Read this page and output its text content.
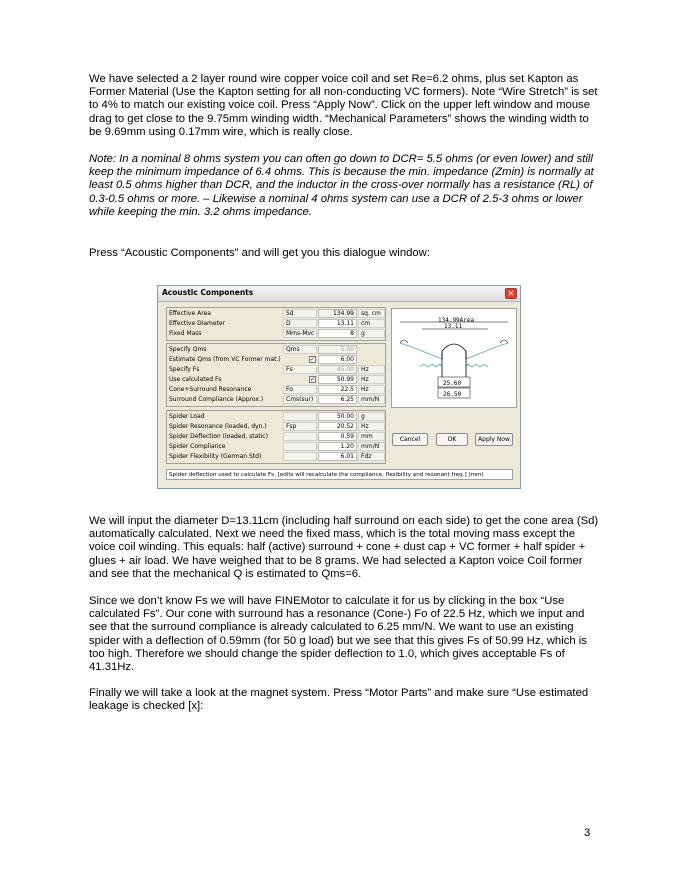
We have selected a 2 layer round wire copper voice coil and set Re=6.2 ohms, plus set Kapton as Former Material (Use the Kapton setting for all non-conducting VC formers). Note “Wire Stretch” is set to 4% to match our existing voice coil. Press “Apply Now”. Click on the upper left window and mouse drag to get close to the 9.75mm winding width. “Mechanical Parameters” shows the winding width to be 9.69mm using 0.17mm wire, which is really close.
Note: In a nominal 8 ohms system you can often go down to DCR= 5.5 ohms (or even lower) and still keep the minimum impedance of 6.4 ohms. This is because the min. impedance (Zmin) is normally at least 0.5 ohms higher than DCR, and the inductor in the cross-over normally has a resistance (RL) of 0.3-0.5 ohms or more. – Likewise a nominal 4 ohms system can use a DCR of 2.5-3 ohms or lower while keeping the min. 3.2 ohms impedance.
Press “Acoustic Components” and will get you this dialogue window:
Acoustic Components	✕
Effective Area	Sd	134.99	sq. cm
Effective Diameter	D	13.11	cm
Fixed Mass	Mms-Mvc	8	g
Specify Qms	Qms	5.00
Estimate Qms (from VC Former mat.)	✓	6.00
Specify Fs	Fs	45.00	Hz
Use calculated Fs	✓	50.99	Hz
Cone+Surround Resonance	Fo	22.5	Hz
Surround Compliance (Approx.)	Cms(sur)	6.25	mm/N
Spider Load	50.00	g
Spider Resonance (loaded, dyn.)	Fsp	20.52	Hz
Spider Deflection (loaded, static)	0.59	mm
Spider Compliance	1.20	mm/N
Spider Flexibility (German Std)	6.01	Fdz
134.99Area
13.11
25.60
26.50
Cancel	OK	Apply Now
Spider deflection used to calculate Fs. [edits will recalculate the compliance, flexibility and resonant freq.] (mm)
We will input the diameter D=13.11cm (including half surround on each side) to get the cone area (Sd) automatically calculated. Next we need the fixed mass, which is the total moving mass except the voice coil winding. This equals: half (active) surround + cone + dust cap + VC former + half spider + glues + air load. We have weighed that to be 8 grams. We had selected a Kapton voice Coil former and see that the mechanical Q is estimated to Qms=6.
Since we don’t know Fs we will have FINEMotor to calculate it for us by clicking in the box “Use calculated Fs”. Our cone with surround has a resonance (Cone-) Fo of 22.5 Hz, which we input and see that the surround compliance is already calculated to 6.25 mm/N. We want to use an existing spider with a deflection of 0.59mm (for 50 g load) but we see that this gives Fs of 50.99 Hz, which is too high. Therefore we should change the spider deflection to 1.0, which gives acceptable Fs of 41.31Hz.
Finally we will take a look at the magnet system. Press “Motor Parts” and make sure “Use estimated leakage is checked [x]:
3
